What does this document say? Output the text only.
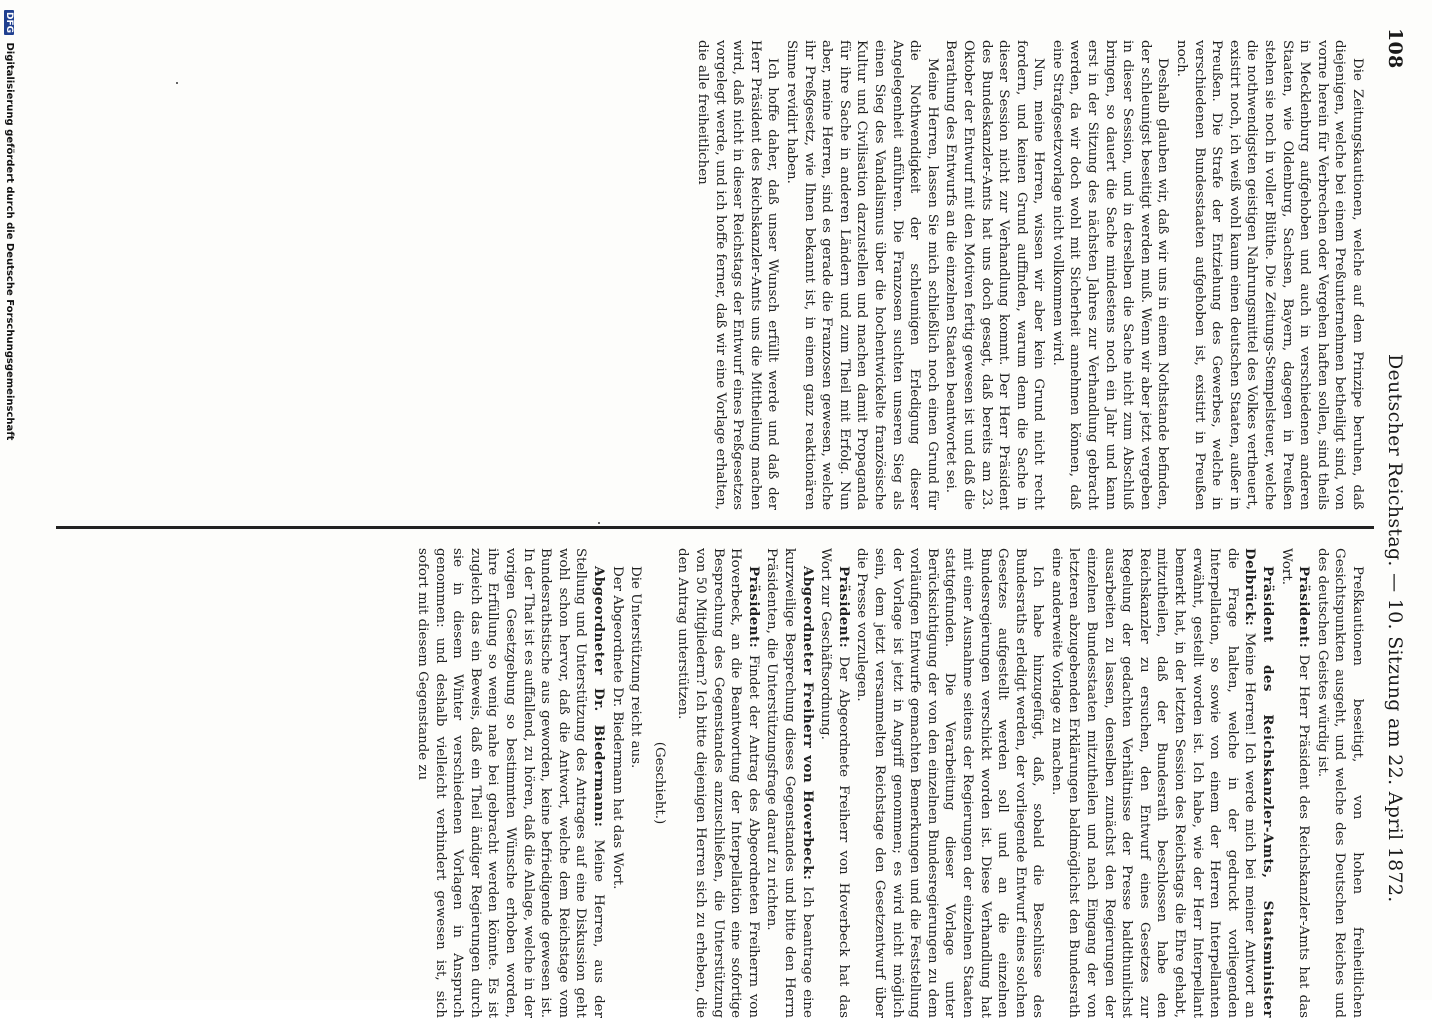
108
Deutscher Reichstag. — 10. Sitzung am 22. April 1872.

Die Zeitungskautionen, welche auf dem Prinzipe beruhen, daß diejenigen, welche bei einem Preßunternehmen betheiligt sind, von vorne herein für Verbrechen oder Vergehen haften sollen, sind theils in Mecklenburg aufgehoben und auch in verschiedenen anderen Staaten, wie Oldenburg, Sachsen, Bayern, dagegen in Preußen stehen sie noch in voller Blüthe. Die Zeitungs-Stempelsteuer, welche die nothwendigsten geistigen Nahrungsmittel des Volkes vertheuert, existirt noch, ich weiß wohl kaum einen deutschen Staaten, außer in Preußen. Die Strafe der Entziehung des Gewerbes, welche in verschiedenen Bundesstaaten aufgehoben ist, existirt in Preußen noch.

Deshalb glauben wir, daß wir uns in einem Nothstande befinden, der schleunigst beseitigt werden muß. Wenn wir aber jetzt vergeben in dieser Session, und in derselben die Sache nicht zum Abschluß bringen, so dauert die Sache mindestens noch ein Jahr und kann erst in der Sitzung des nächsten Jahres zur Verhandlung gebracht werden, da wir doch wohl mit Sicherheit annehmen können, daß eine Strafgesetzvorlage nicht vollkommen wird.

Nun, meine Herren, wissen wir aber kein Grund nicht recht fordern, und keinen Grund auffinden, warum denn die Sache in dieser Session nicht zur Verhandlung kommt. Der Herr Präsident des Bundeskanzler-Amts hat uns doch gesagt, daß bereits am 23. Oktober der Entwurf mit den Motiven fertig gewesen ist und daß die Berathung des Entwurfs an die einzelnen Staaten beantwortet sei.

Meine Herren, lassen Sie mich schließlich noch einen Grund für die Nothwendigkeit der schleunigen Erledigung dieser Angelegenheit anführen. Die Franzosen suchten unseren Sieg als einen Sieg des Vandalismus über die hochentwickelte französische Kultur und Civilisation darzustellen und machen damit Propaganda für ihre Sache in anderen Ländern und zum Theil mit Erfolg. Nun aber, meine Herren, sind es gerade die Franzosen gewesen, welche ihr Preßgesetz, wie Ihnen bekannt ist, in einem ganz reaktionären Sinne revidirt haben.

Ich hoffe daher, daß unser Wunsch erfüllt werde und daß der Herr Präsident des Reichskanzler-Amts uns die Mittheilung machen wird, daß nicht in dieser Reichstags der Entwurf eines Preßgesetzes vorgelegt werde, und ich hoffe ferner, daß wir eine Vorlage erhalten, die alle freiheitlichen

Preßkautionen beseitigt, von hohen freiheitlichen Gesichtspunkten ausgeht, und welche des Deutschen Reiches und des deutschen Geistes würdig ist.

Präsident: Der Herr Präsident des Reichskanzler-Amts hat das Wort.

Präsident des Reichskanzler-Amts, Staatsminister Delbrück: Meine Herren! Ich werde mich bei meiner Antwort an die Frage halten, welche in der gedruckt vorliegenden Interpellation, so sowie von einem der Herren Interpellanten erwähnt, gestellt worden ist. Ich habe, wie der Herr Interpellant bemerkt hat, in der letzten Session des Reichstags die Ehre gehabt, mitzutheilen, daß der Bundesrath beschlossen habe den Reichskanzler zu ersuchen, den Entwurf eines Gesetzes zur Regelung der gedachten Verhältnisse der Presse baldthunlichst ausarbeiten zu lassen, denselben zunächst den Regierungen der einzelnen Bundesstaaten mitzutheilen und nach Eingang der von letzteren abzugebenden Erklärungen baldmöglichst den Bundesrath eine anderweite Vorlage zu machen.

Ich habe hinzugefügt, daß, sobald die Beschlüsse des Bundesraths erledigt werden, der vorliegende Entwurf eines solchen Gesetzes aufgestellt werden soll und an die einzelnen Bundesregierungen verschickt worden ist. Diese Verhandlung hat mit einer Ausnahme seitens der Regierungen der einzelnen Staaten stattgefunden. Die Verarbeitung dieser Vorlage unter Berücksichtigung der von den einzelnen Bundesregierungen zu dem vorläufigen Entwurfe gemachten Bemerkungen und die Feststellung der Vorlage ist jetzt in Angriff genommen; es wird nicht möglich sein, dem jetzt versammelten Reichstage den Gesetzentwurf über die Presse vorzulegen.

Präsident: Der Abgeordnete Freiherr von Hoverbeck hat das Wort zur Geschäftsordnung.

Abgeordneter Freiherr von Hoverbeck: Ich beantrage eine kurzweilige Besprechung dieses Gegenstandes und bitte den Herrn Präsidenten, die Unterstützungsfrage darauf zu richten.

Präsident: Findet der Antrag des Abgeordneten Freiherrn von Hoverbeck, an die Beantwortung der Interpellation eine sofortige Besprechung des Gegenstandes anzuschließen, die Unterstützung von 50 Mitgliedern? Ich bitte diejenigen Herren sich zu erheben, die den Antrag unterstützen.

(Geschieht.)

Die Unterstützung reicht aus.

Der Abgeordnete Dr. Biedermann hat das Wort.

Abgeordneter Dr. Biedermann: Meine Herren, aus der Stellung und Unterstützung des Antrages auf eine Diskussion geht wohl schon hervor, daß die Antwort, welche dem Reichstage vom Bundesrathstische aus geworden, keine befriedigende gewesen ist. In der That ist es auffallend, zu hören, daß die Anlage, welche in der vorigen Gesetzgebung so bestimmten Wünsche erhoben worden, ihre Erfüllung so wenig nahe bei gebracht werden könnte. Es ist zugleich das ein Beweis, daß ein Theil ändiger Regierungen durch sie in diesem Winter verschiedenen Vorlagen in Anspruch genommen: und deshalb vielleicht verhindert gewesen ist, sich sofort mit diesem Gegenstande zu

DFG Digitalisierung gefördert durch die Deutsche Forschungsgemeinschaft
